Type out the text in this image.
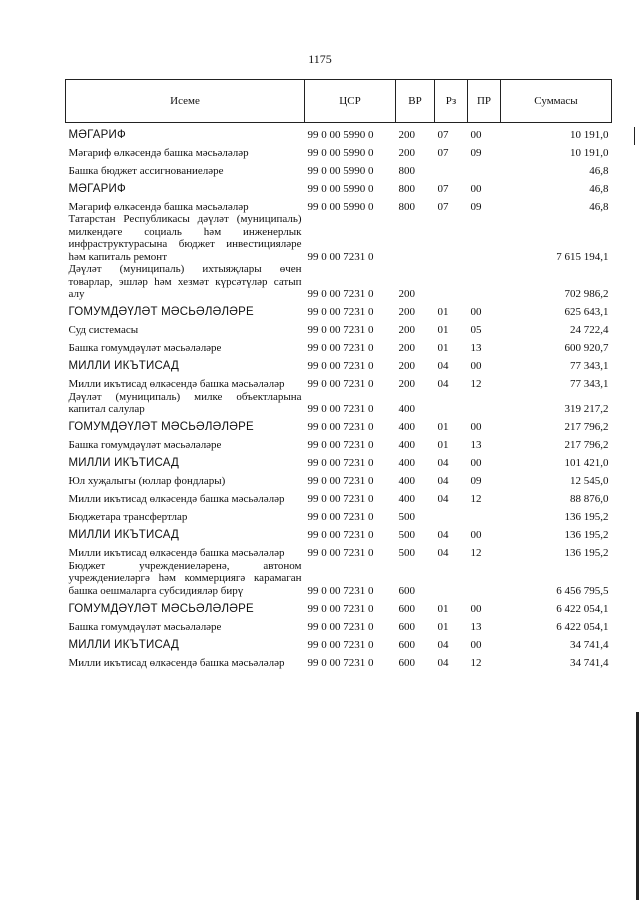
1175
Исеме	ЦСР	ВР	Рз	ПР	Суммасы
МӘГАРИФ	99 0 00 5990 0	200	07	00	10 191,0
Мәгариф өлкәсендә башка мәсьәләләр	99 0 00 5990 0	200	07	09	10 191,0
Башка бюджет ассигнованиеләре	99 0 00 5990 0	800			46,8
МӘГАРИФ	99 0 00 5990 0	800	07	00	46,8
Мәгариф өлкәсендә башка мәсьәләләр	99 0 00 5990 0	800	07	09	46,8
Татарстан Республикасы дәүләт (муниципаль) милкендәге социаль һәм инженерлык инфраструктурасына бюджет инвестицияләре һәм капиталь ремонт	99 0 00 7231 0				7 615 194,1
Дәүләт (муниципаль) ихтыяҗлары өчен товарлар, эшләр һәм хезмәт күрсәтүләр сатып алу	99 0 00 7231 0	200			702 986,2
ГОМУМДӘҮЛӘТ МӘСЬӘЛӘЛӘРЕ	99 0 00 7231 0	200	01	00	625 643,1
Суд системасы	99 0 00 7231 0	200	01	05	24 722,4
Башка гомумдәүләт мәсьәләләре	99 0 00 7231 0	200	01	13	600 920,7
МИЛЛИ ИКЪТИСАД	99 0 00 7231 0	200	04	00	77 343,1
Милли икътисад өлкәсендә башка мәсьәләләр	99 0 00 7231 0	200	04	12	77 343,1
Дәүләт (муниципаль) милке объектларына капитал салулар	99 0 00 7231 0	400			319 217,2
ГОМУМДӘҮЛӘТ МӘСЬӘЛӘЛӘРЕ	99 0 00 7231 0	400	01	00	217 796,2
Башка гомумдәүләт мәсьәләләре	99 0 00 7231 0	400	01	13	217 796,2
МИЛЛИ ИКЪТИСАД	99 0 00 7231 0	400	04	00	101 421,0
Юл хуҗалыгы (юллар фондлары)	99 0 00 7231 0	400	04	09	12 545,0
Милли икътисад өлкәсендә башка мәсьәләләр	99 0 00 7231 0	400	04	12	88 876,0
Бюджетара трансфертлар	99 0 00 7231 0	500			136 195,2
МИЛЛИ ИКЪТИСАД	99 0 00 7231 0	500	04	00	136 195,2
Милли икътисад өлкәсендә башка мәсьәләләр	99 0 00 7231 0	500	04	12	136 195,2
Бюджет учреждениеләренә, автоном учреждениеләргә һәм коммерциягә карамаган башка оешмаларга субсидияләр бирү	99 0 00 7231 0	600			6 456 795,5
ГОМУМДӘҮЛӘТ МӘСЬӘЛӘЛӘРЕ	99 0 00 7231 0	600	01	00	6 422 054,1
Башка гомумдәүләт мәсьәләләре	99 0 00 7231 0	600	01	13	6 422 054,1
МИЛЛИ ИКЪТИСАД	99 0 00 7231 0	600	04	00	34 741,4
Милли икътисад өлкәсендә башка мәсьәләләр	99 0 00 7231 0	600	04	12	34 741,4
